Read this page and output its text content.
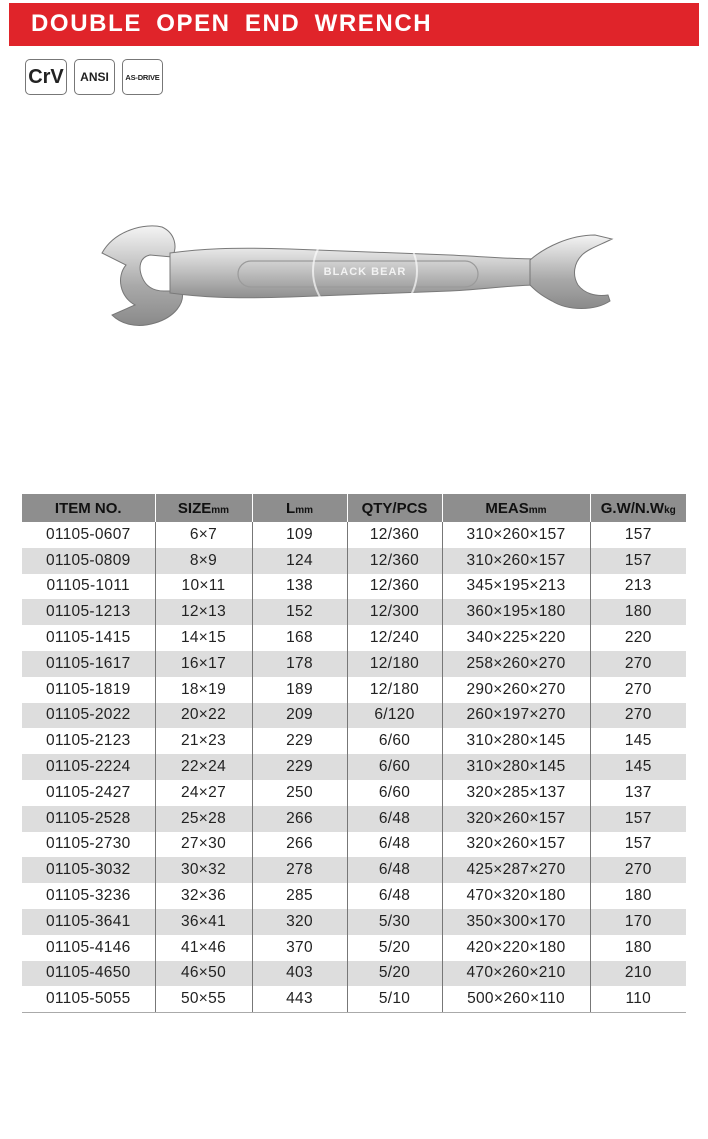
DOUBLE OPEN END WRENCH
CrV	ANSI	AS-DRIVE
BLACK BEAR
ITEM NO.	SIZEmm	Lmm	QTY/PCS	MEASmm	G.W/N.Wkg
01105-0607	6×7	109	12/360	310×260×157	157
01105-0809	8×9	124	12/360	310×260×157	157
01105-1011	10×11	138	12/360	345×195×213	213
01105-1213	12×13	152	12/300	360×195×180	180
01105-1415	14×15	168	12/240	340×225×220	220
01105-1617	16×17	178	12/180	258×260×270	270
01105-1819	18×19	189	12/180	290×260×270	270
01105-2022	20×22	209	6/120	260×197×270	270
01105-2123	21×23	229	6/60	310×280×145	145
01105-2224	22×24	229	6/60	310×280×145	145
01105-2427	24×27	250	6/60	320×285×137	137
01105-2528	25×28	266	6/48	320×260×157	157
01105-2730	27×30	266	6/48	320×260×157	157
01105-3032	30×32	278	6/48	425×287×270	270
01105-3236	32×36	285	6/48	470×320×180	180
01105-3641	36×41	320	5/30	350×300×170	170
01105-4146	41×46	370	5/20	420×220×180	180
01105-4650	46×50	403	5/20	470×260×210	210
01105-5055	50×55	443	5/10	500×260×110	110
